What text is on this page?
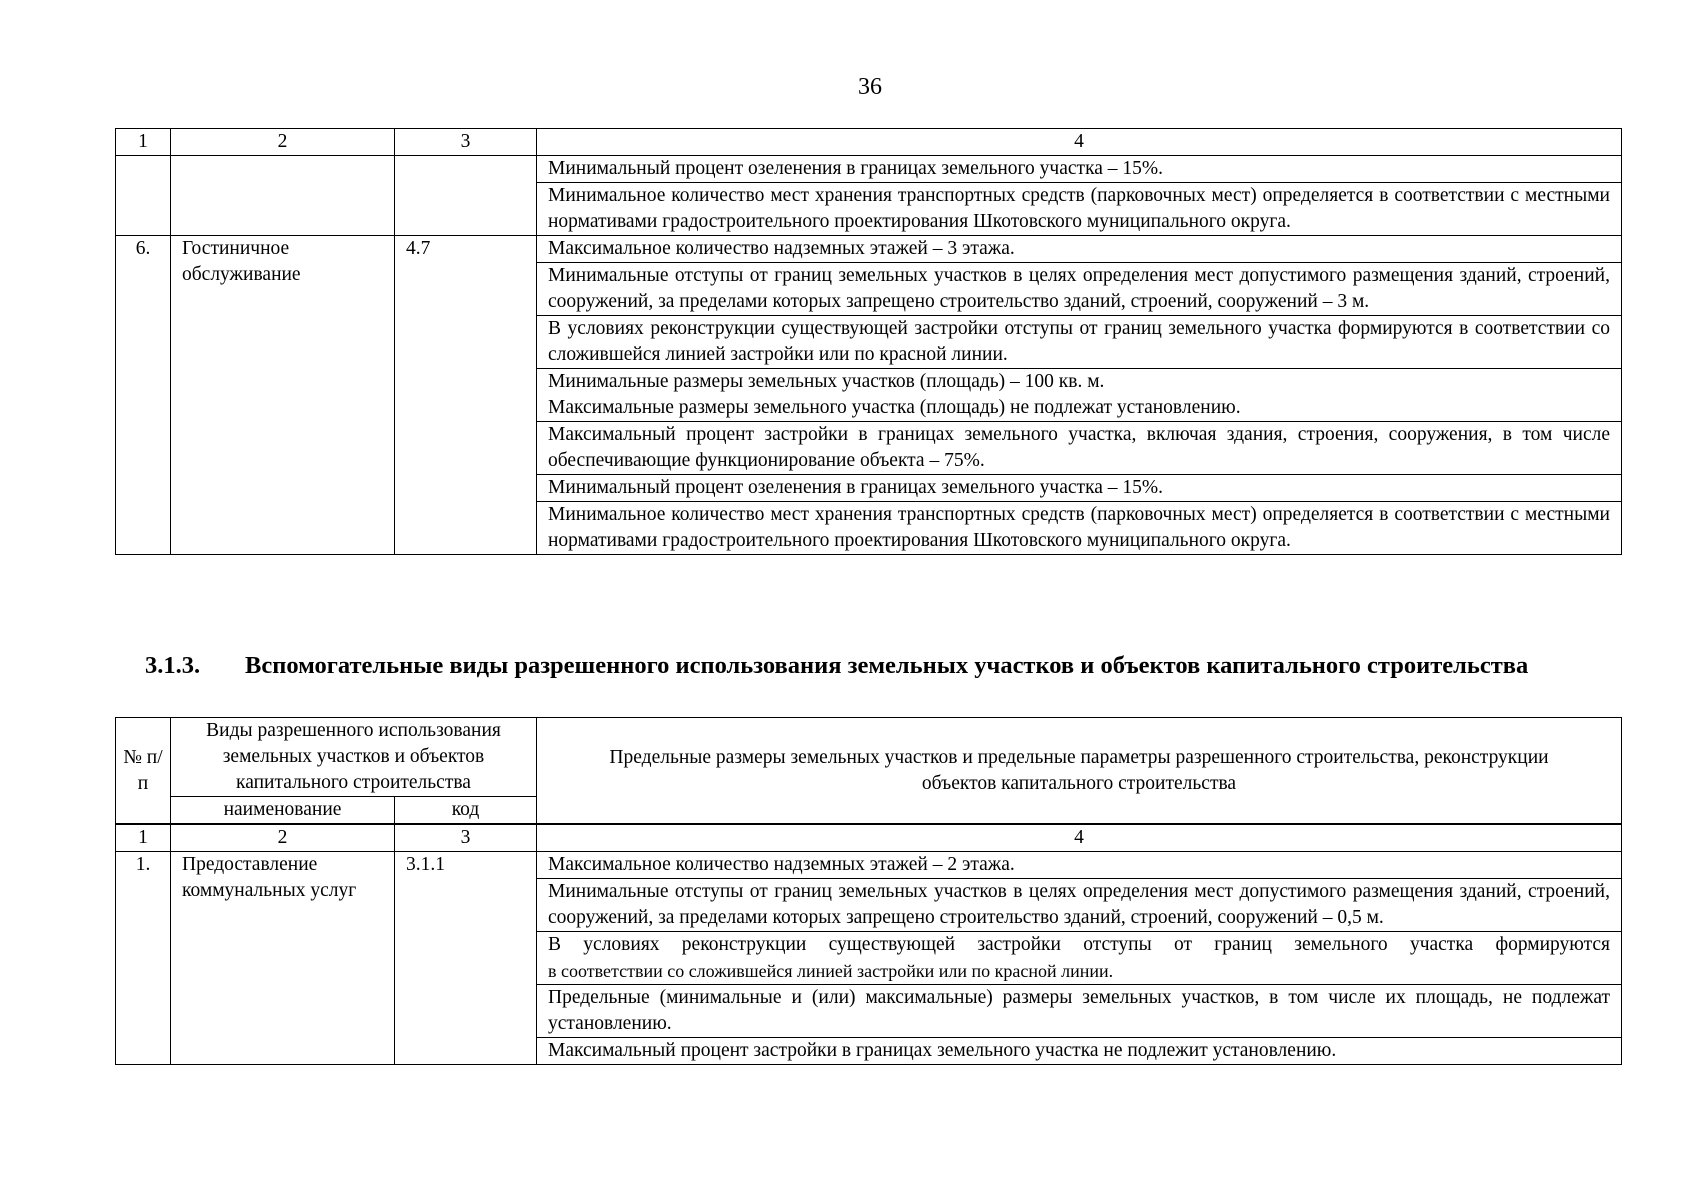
36
1	2	3	4
			Минимальный процент озеленения в границах земельного участка – 15%.
			Минимальное количество мест хранения транспортных средств (парковочных мест) определяется в соответствии с местными нормативами градостроительного проектирования Шкотовского муниципального округа.
6.	Гостиничное обслуживание	4.7	Максимальное количество надземных этажей – 3 этажа.
			Минимальные отступы от границ земельных участков в целях определения мест допустимого размещения зданий, строений, сооружений, за пределами которых запрещено строительство зданий, строений, сооружений – 3 м.
			В условиях реконструкции существующей застройки отступы от границ земельного участка формируются в соответствии со сложившейся линией застройки или по красной линии.

			Минимальные размеры земельных участков (площадь) – 100 кв. м.
Максимальные размеры земельного участка (площадь) не подлежат установлению.

			Максимальный процент застройки в границах земельного участка, включая здания, строения, сооружения, в том числе обеспечивающие функционирование объекта – 75%.
			Минимальный процент озеленения в границах земельного участка – 15%.
			Минимальное количество мест хранения транспортных средств (парковочных мест) определяется в соответствии с местными нормативами градостроительного проектирования Шкотовского муниципального округа.
3.1.3. Вспомогательные виды разрешенного использования земельных участков и объектов капитального строительства
№ п/п	Виды разрешенного использования земельных участков и объектов капитального строительства		Предельные размеры земельных участков и предельные параметры разрешенного строительства, реконструкции объектов капитального строительства
	наименование	код	
1	2	3	4
1.	Предоставление коммунальных услуг	3.1.1	Максимальное количество надземных этажей – 2 этажа.
			Минимальные отступы от границ земельных участков в целях определения мест допустимого размещения зданий, строений, сооружений, за пределами которых запрещено строительство зданий, строений, сооружений – 0,5 м.

			В условиях реконструкции существующей застройки отступы от границ земельного участка формируются
в соответствии со сложившейся линией застройки или по красной линии.

			Предельные (минимальные и (или) максимальные) размеры земельных участков, в том числе их площадь, не подлежат установлению.
			Максимальный процент застройки в границах земельного участка не подлежит установлению.
